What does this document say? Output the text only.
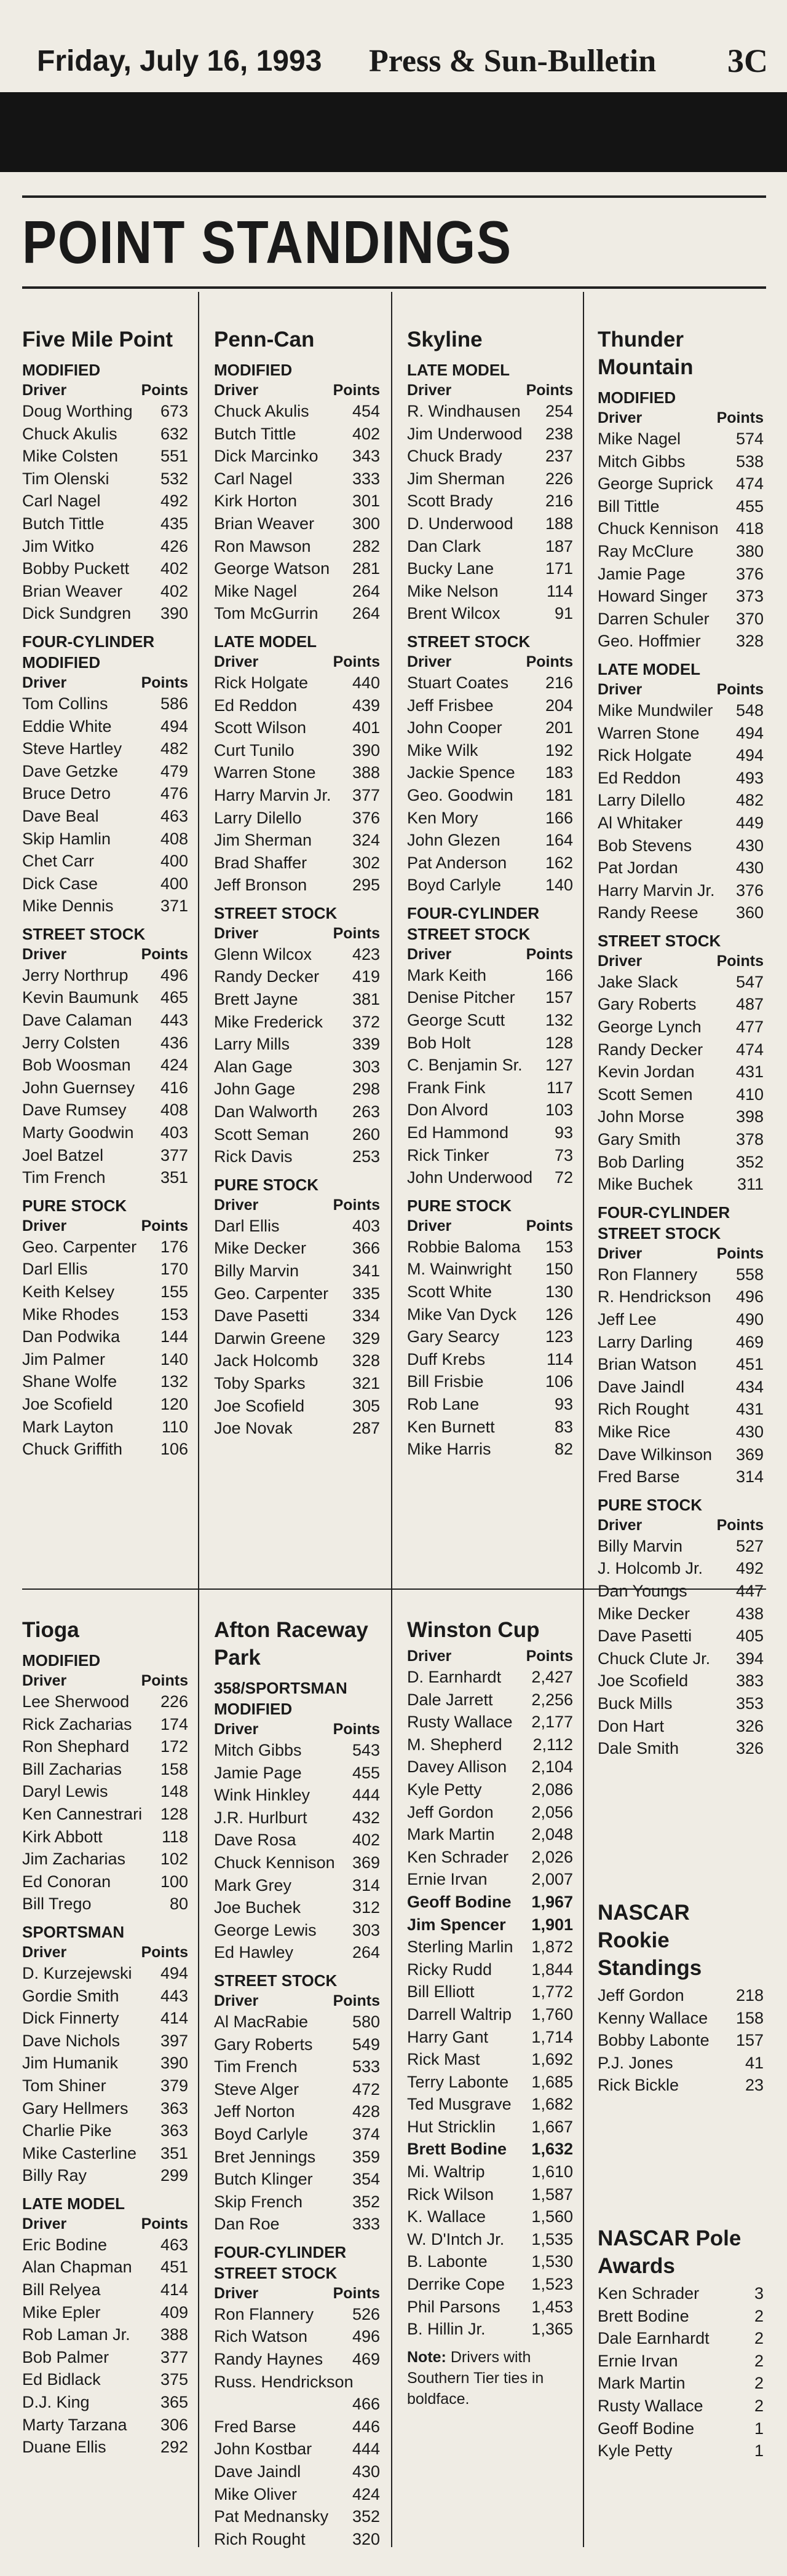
Friday, July 16, 1993 Press & Sun-Bulletin 3C
POINT STANDINGS
Five Mile Point
MODIFIED
Driver	Points
Doug Worthing 673
Chuck Akulis	632
Mike Colsten	551
Tim Olenski	532
Carl Nagel	492
Butch Tittle	435
Jim Witko	426
Bobby Puckett 402
Brian Weaver 402
Dick Sundgren 390
FOUR-CYLINDER MODIFIED
Driver	Points
Tom Collins	586
Eddie White	494
Steve Hartley 482
Dave Getzke	479
Bruce Detro	476
Dave Beal	463
Skip Hamlin	408
Chet Carr	400
Dick Case	400
Mike Dennis	371
STREET STOCK
Driver	Points
Jerry Northrup 496
Kevin Baumunk 465
Dave Calaman 443
Jerry Colsten 436
Bob Woosman 424
John Guernsey 416
Dave Rumsey 408
Marty Goodwin 403
Joel Batzel	377
Tim French	351
PURE STOCK
Driver	Points
Geo. Carpenter 176
Darl Ellis	170
Keith Kelsey	155
Mike Rhodes 153
Dan Podwika 144
Jim Palmer	140
Shane Wolfe	132
Joe Scofield	120
Mark Layton	110
Chuck Griffith 106
Penn-Can
MODIFIED
Driver	Points
Chuck Akulis	454
Butch Tittle	402
Dick Marcinko 343
Carl Nagel	333
Kirk Horton	301
Brian Weaver 300
Ron Mawson 282
George Watson 281
Mike Nagel	264
Tom McGurrin 264
LATE MODEL
Driver	Points
Rick Holgate	440
Ed Reddon	439
Scott Wilson	401
Curt Tunilo	390
Warren Stone 388
Harry Marvin Jr. 377
Larry Dilello	376
Jim Sherman 324
Brad Shaffer	302
Jeff Bronson	295
STREET STOCK
Driver	Points
Glenn Wilcox 423
Randy Decker 419
Brett Jayne	381
Mike Frederick 372
Larry Mills	339
Alan Gage	303
John Gage	298
Dan Walworth 263
Scott Seman	260
Rick Davis	253
PURE STOCK
Driver	Points
Darl Ellis	403
Mike Decker	366
Billy Marvin	341
Geo. Carpenter 335
Dave Pasetti	334
Darwin Greene 329
Jack Holcomb 328
Toby Sparks	321
Joe Scofield	305
Joe Novak	287
Skyline
LATE MODEL
Driver	Points
R. Windhausen 254
Jim Underwood 238
Chuck Brady	237
Jim Sherman 226
Scott Brady	216
D. Underwood 188
Dan Clark	187
Bucky Lane	171
Mike Nelson	114
Brent Wilcox	91
STREET STOCK
Driver	Points
Stuart Coates 216
Jeff Frisbee	204
John Cooper	201
Mike Wilk	192
Jackie Spence 183
Geo. Goodwin 181
Ken Mory	166
John Glezen	164
Pat Anderson 162
Boyd Carlyle	140
FOUR-CYLINDER STREET STOCK
Driver	Points
Mark Keith	166
Denise Pitcher 157
George Scutt 132
Bob Holt	128
C. Benjamin Sr. 127
Frank Fink	117
Don Alvord	103
Ed Hammond	93
Rick Tinker	73
John Underwood 72
PURE STOCK
Driver	Points
Robbie Baloma 153
M. Wainwright 150
Scott White	130
Mike Van Dyck 126
Gary Searcy	123
Duff Krebs	114
Bill Frisbie	106
Rob Lane	93
Ken Burnett	83
Mike Harris	82
Thunder Mountain
MODIFIED
Driver	Points
Mike Nagel	574
Mitch Gibbs	538
George Suprick 474
Bill Tittle	455
Chuck Kennison 418
Ray McClure	380
Jamie Page	376
Howard Singer 373
Darren Schuler 370
Geo. Hoffmier 328
LATE MODEL
Driver	Points
Mike Mundwiler 548
Warren Stone 494
Rick Holgate	494
Ed Reddon	493
Larry Dilello	482
Al Whitaker	449
Bob Stevens	430
Pat Jordan	430
Harry Marvin Jr. 376
Randy Reese 360
STREET STOCK
Driver	Points
Jake Slack	547
Gary Roberts 487
George Lynch 477
Randy Decker 474
Kevin Jordan 431
Scott Semen	410
John Morse	398
Gary Smith	378
Bob Darling	352
Mike Buchek	311
FOUR-CYLINDER STREET STOCK
Driver	Points
Ron Flannery 558
R. Hendrickson 496
Jeff Lee	490
Larry Darling	469
Brian Watson 451
Dave Jaindl	434
Rich Rought	431
Mike Rice	430
Dave Wilkinson 369
Fred Barse	314
PURE STOCK
Driver	Points
Billy Marvin	527
J. Holcomb Jr. 492
Dan Youngs	447
Mike Decker	438
Dave Pasetti	405
Chuck Clute Jr. 394
Joe Scofield	383
Buck Mills	353
Don Hart	326
Dale Smith	326
Tioga
MODIFIED
Driver	Points
Lee Sherwood 226
Rick Zacharias 174
Ron Shephard 172
Bill Zacharias 158
Daryl Lewis	148
Ken Cannestrari 128
Kirk Abbott	118
Jim Zacharias 102
Ed Conoran	100
Bill Trego	80
SPORTSMAN
Driver	Points
D. Kurzejewski 494
Gordie Smith 443
Dick Finnerty 414
Dave Nichols 397
Jim Humanik	390
Tom Shiner	379
Gary Hellmers 363
Charlie Pike	363
Mike Casterline 351
Billy Ray	299
LATE MODEL
Driver	Points
Eric Bodine	463
Alan Chapman 451
Bill Relyea	414
Mike Epler	409
Rob Laman Jr. 388
Bob Palmer	377
Ed Bidlack	375
D.J. King	365
Marty Tarzana 306
Duane Ellis	292
Afton Raceway Park
358/SPORTSMAN MODIFIED
Driver	Points
Mitch Gibbs	543
Jamie Page	455
Wink Hinkley	444
J.R. Hurlburt	432
Dave Rosa	402
Chuck Kennison 369
Mark Grey	314
Joe Buchek	312
George Lewis 303
Ed Hawley	264
STREET STOCK
Driver	Points
Al MacRabie	580
Gary Roberts 549
Tim French	533
Steve Alger	472
Jeff Norton	428
Boyd Carlyle	374
Bret Jennings 359
Butch Klinger 354
Skip French	352
Dan Roe	333
FOUR-CYLINDER STREET STOCK
Driver	Points
Ron Flannery 526
Rich Watson	496
Randy Haynes 469
Russ. Hendrickson
466
Fred Barse	446
John Kostbar 444
Dave Jaindl	430
Mike Oliver	424
Pat Mednansky 352
Rich Rought	320
Winston Cup
Driver	Points
D. Earnhardt 2,427
Dale Jarrett 2,256
Rusty Wallace 2,177
M. Shepherd 2,112
Davey Allison 2,104
Kyle Petty	2,086
Jeff Gordon 2,056
Mark Martin 2,048
Ken Schrader 2,026
Ernie Irvan	2,007
Geoff Bodine 1,967
Jim Spencer 1,901
Sterling Marlin 1,872
Ricky Rudd 1,844
Bill Elliott	1,772
Darrell Waltrip 1,760
Harry Gant	1,714
Rick Mast	1,692
Terry Labonte 1,685
Ted Musgrave 1,682
Hut Stricklin 1,667
Brett Bodine 1,632
Mi. Waltrip	1,610
Rick Wilson 1,587
K. Wallace	1,560
W. D'Intch Jr. 1,535
B. Labonte	1,530
Derrike Cope 1,523
Phil Parsons 1,453
B. Hillin Jr.	1,365
Note: Drivers with Southern Tier ties in boldface.
NASCAR Rookie Standings
Jeff Gordon	218
Kenny Wallace 158
Bobby Labonte 157
P.J. Jones	41
Rick Bickle	23
NASCAR Pole Awards
Ken Schrader	3
Brett Bodine	2
Dale Earnhardt	2
Ernie Irvan	2
Mark Martin	2
Rusty Wallace	2
Geoff Bodine	1
Kyle Petty	1
